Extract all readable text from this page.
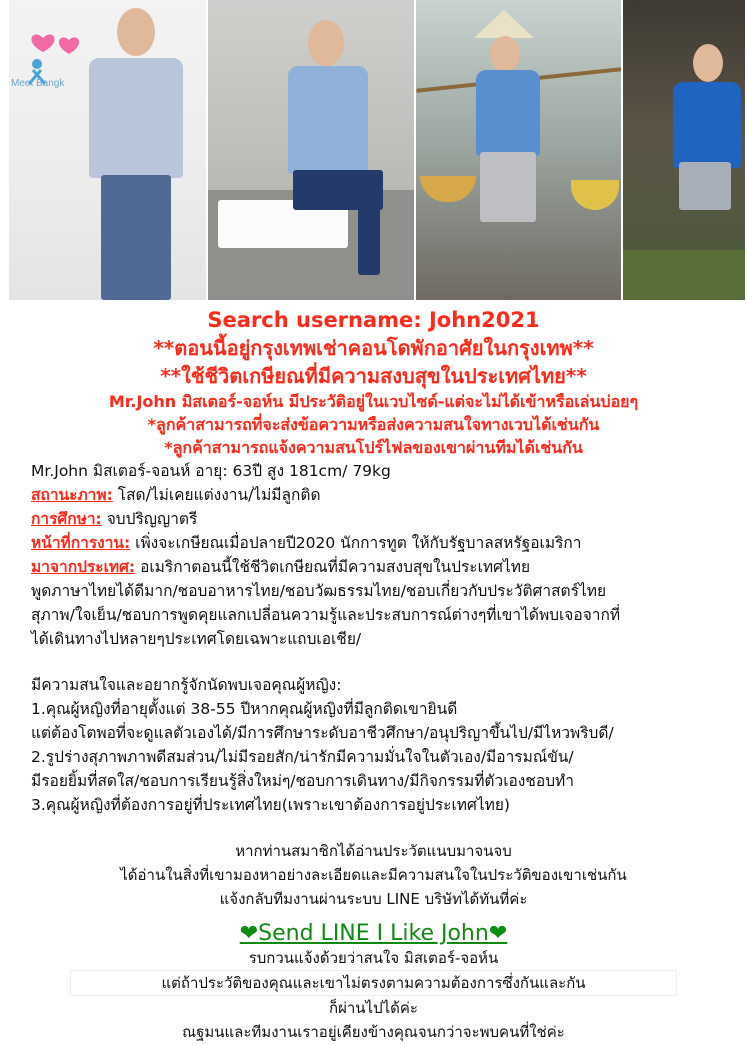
Meet Bangk
Search username: John2021
**ตอนนี้อยู่กรุงเทพเช่าคอนโดพักอาศัยในกรุงเทพ**
**ใช้ชีวิตเกษียณที่มีความสงบสุขในประเทศไทย**
Mr.John มิสเตอร์-จอห์น มีประวัติอยู่ในเวบไซด์-แต่จะไม่ได้เข้าหรือเล่นบ่อยๆ
*ลูกค้าสามารถที่จะส่งข้อความหรือส่งความสนใจทางเวบได้เช่นกัน
*ลูกค้าสามารถแจ้งความสนโปร์ไฟลของเขาผ่านทีมได้เช่นกัน
Mr.John มิสเตอร์-จอนห์ อายุ: 63ปี สูง 181cm/ 79kg
สถานะภาพ: โสด/ไม่เคยแต่งงาน/ไม่มีลูกติด
การศึกษา: จบปริญญาตรี
หน้าที่การงาน: เพิ่งจะเกษียณเมื่อปลายปี2020 นักการทูต ให้กับรัฐบาลสหรัฐอเมริกา
มาจากประเทศ: อเมริกาตอนนี้ใช้ชีวิตเกษียณที่มีความสงบสุขในประเทศไทย
พูดภาษาไทยได้ดีมาก/ชอบอาหารไทย/ชอบวัฒธรรมไทย/ชอบเกี่ยวกับประวัติศาสตร์ไทย
สุภาพ/ใจเย็น/ชอบการพูดคุยแลกเปลี่อนความรู้และประสบการณ์ต่างๆที่เขาได้พบเจอจากที่
ได้เดินทางไปหลายๆประเทศโดยเฉพาะแถบเอเชีย/
มีความสนใจและอยากรู้จักนัดพบเจอคุณผู้หญิง:
1.คุณผู้หญิงที่อายุตั้งแต่ 38-55 ปีหากคุณผู้หญิงที่มีลูกติดเขายินดี
แต่ต้องโตพอที่จะดูแลตัวเองได้/มีการศึกษาระดับอาชีวศึกษา/อนุปริญาขึ้นไป/มีไหวพริบดี/
2.รูปร่างสุภาพภาพดีสมส่วน/ไม่มีรอยสัก/น่ารักมีความมั่นใจในตัวเอง/มีอารมณ์ขัน/
มีรอยยิ้มที่สดใส/ชอบการเรียนรู้สิ่งใหม่ๆ/ชอบการเดินทาง/มีกิจกรรมที่ตัวเองชอบทำ
3.คุณผู้หญิงที่ต้องการอยู่ที่ประเทศไทย(เพราะเขาต้องการอยู่ประเทศไทย)
หากท่านสมาชิกได้อ่านประวัตแนบมาจนจบ
ได้อ่านในสิ่งที่เขามองหาอย่างละเอียดและมีความสนใจในประวัติของเขาเช่นกัน
แจ้งกลับทีมงานผ่านระบบ LINE บริษัทได้ทันที่ค่ะ
❤Send LINE I Like John❤
รบกวนแจ้งด้วยว่าสนใจ มิสเตอร์-จอห์น
แต่ถ้าประวัติของคุณและเขาไม่ตรงตามความต้องการซึ่งกันและกัน
ก็ผ่านไปได้ค่ะ
ณฐมนและทีมงานเราอยู่เคียงข้างคุณจนกว่าจะพบคนที่ใช่ค่ะ
